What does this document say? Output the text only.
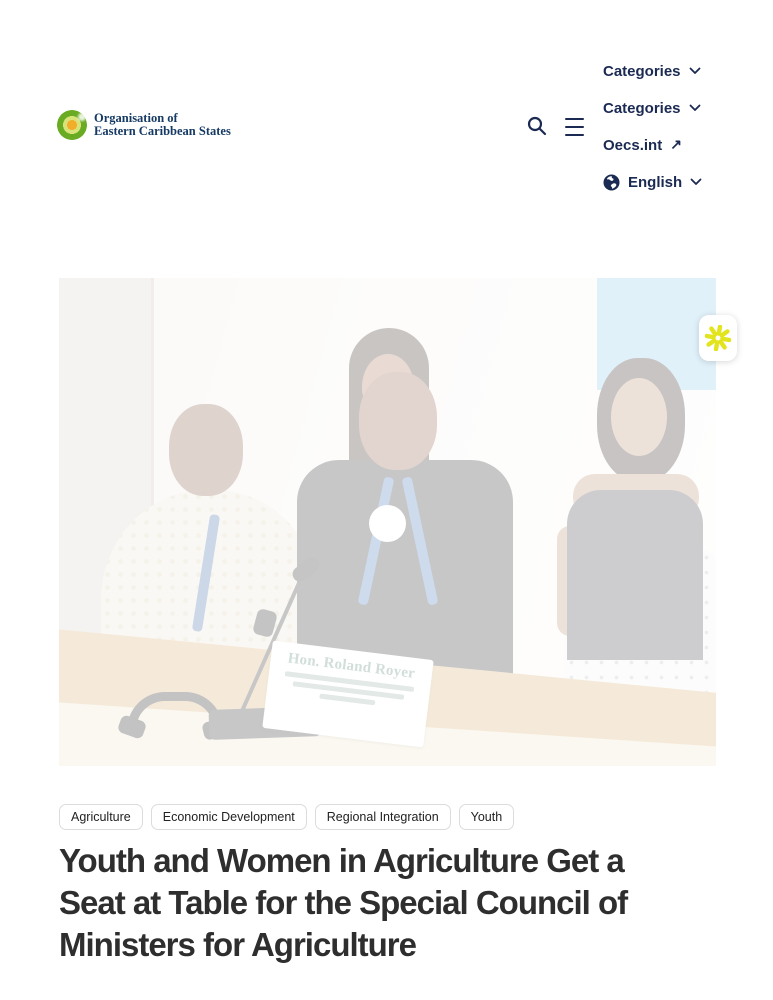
Organisation of
Eastern Caribbean States
Categories
Categories
Oecs.int ↗
English
Agriculture	Economic Development	Regional Integration	Youth
Youth and Women in Agriculture Get a
Seat at Table for the Special Council of
Ministers for Agriculture
